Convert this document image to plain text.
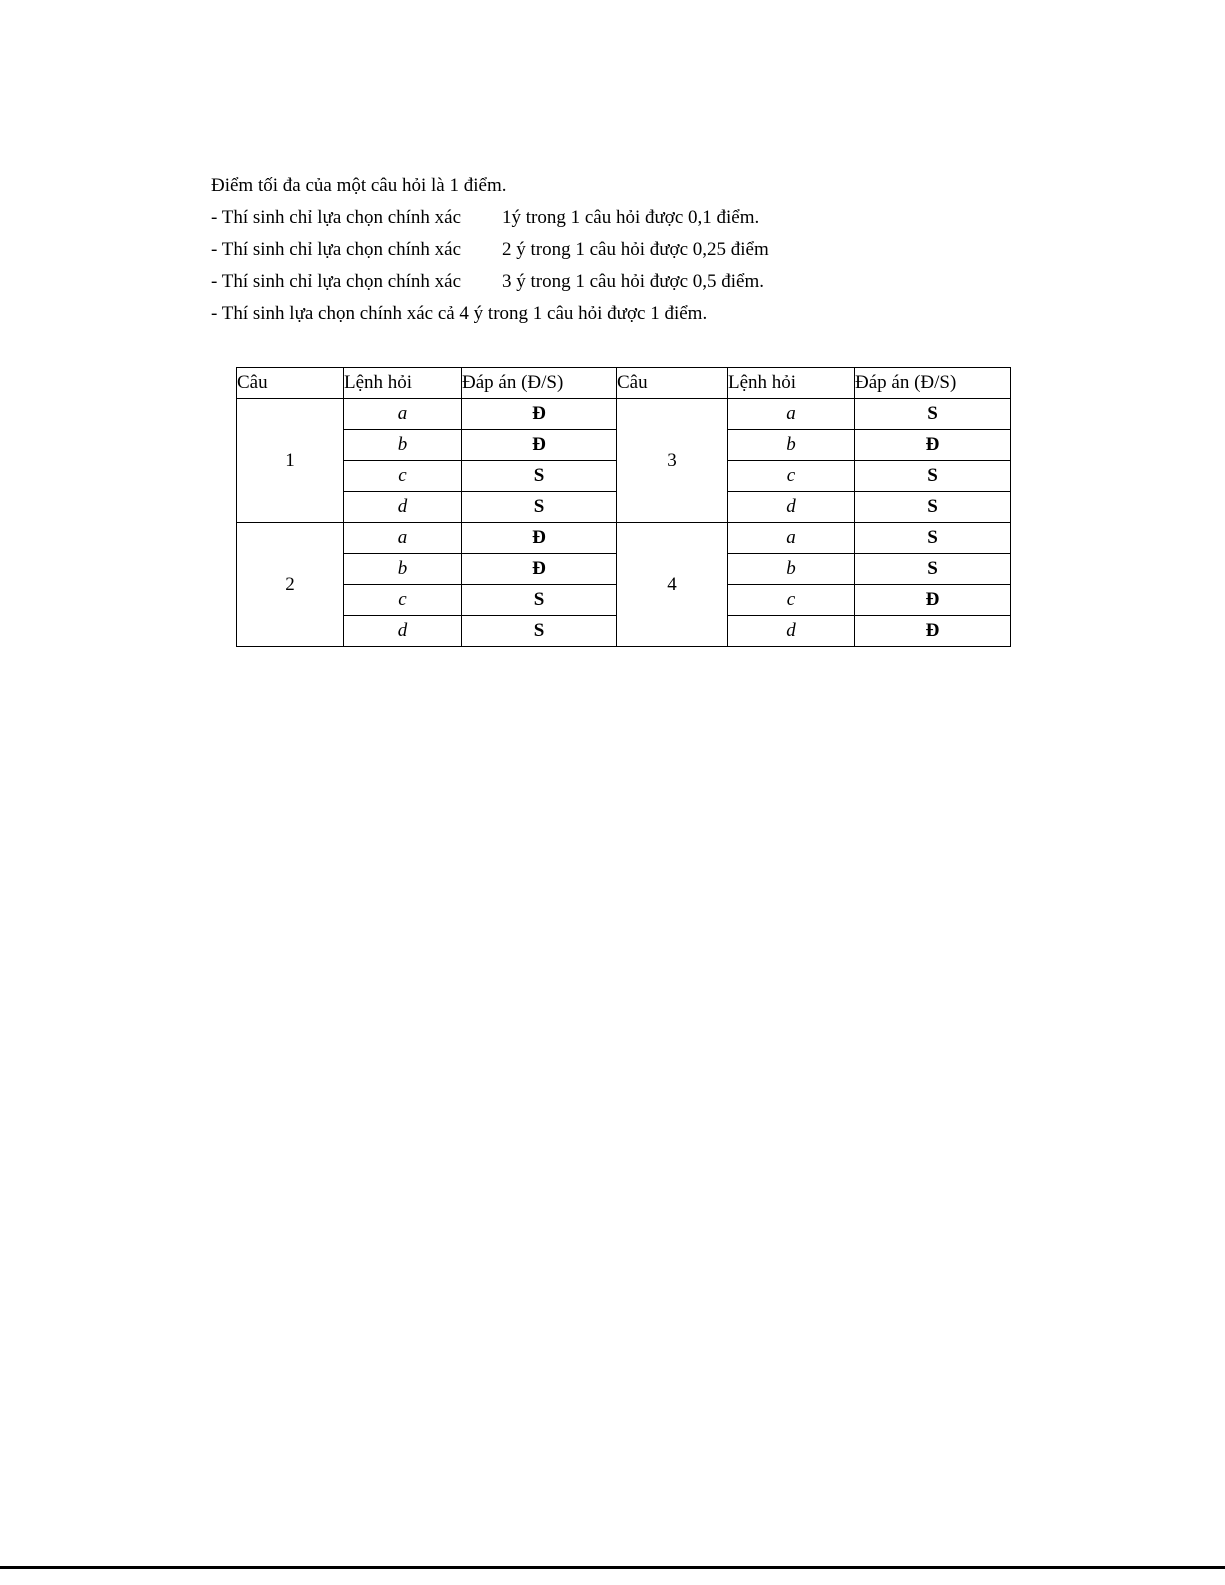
Điểm tối đa của một câu hỏi là 1 điểm.
- Thí sinh chỉ lựa chọn chính xác 1ý trong 1 câu hỏi được 0,1 điểm.
- Thí sinh chỉ lựa chọn chính xác 2 ý trong 1 câu hỏi được 0,25 điểm
- Thí sinh chỉ lựa chọn chính xác 3 ý trong 1 câu hỏi được 0,5 điểm.
- Thí sinh lựa chọn chính xác cả 4 ý trong 1 câu hỏi được 1 điểm.
Câu	Lệnh hỏi	Đáp án (Đ/S)	Câu	Lệnh hỏi	Đáp án (Đ/S)
1	a	Đ	3	a	S
	b	Đ		b	Đ
	c	S		c	S
	d	S		d	S
2	a	Đ	4	a	S
	b	Đ		b	S
	c	S		c	Đ
	d	S		d	Đ
